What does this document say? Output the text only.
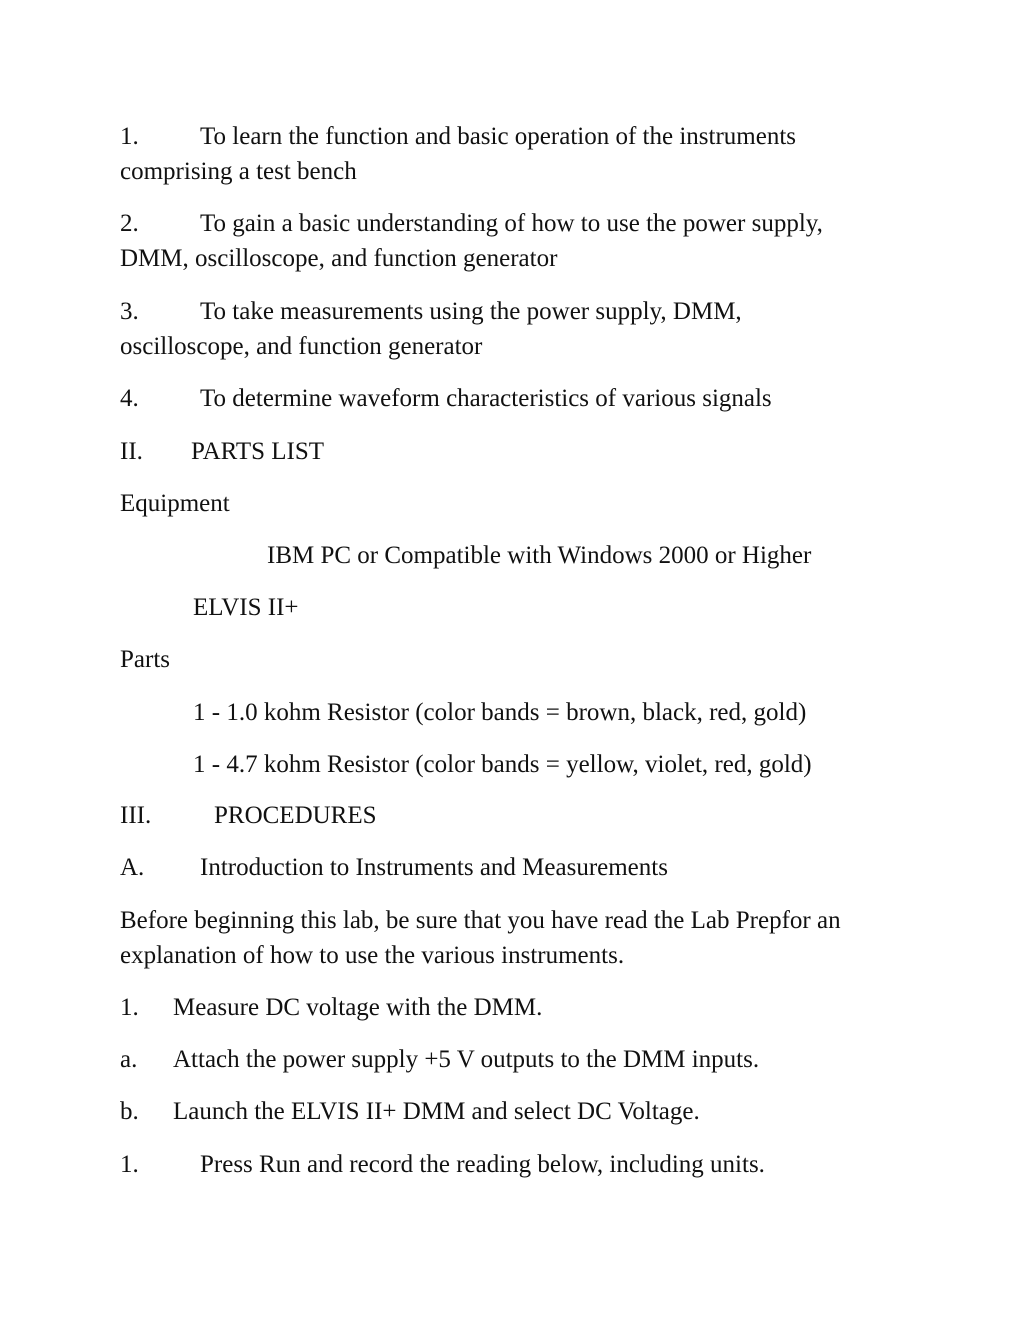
1. To learn the function and basic operation of the instruments
comprising a test bench
2. To gain a basic understanding of how to use the power supply,
DMM, oscilloscope, and function generator
3. To take measurements using the power supply, DMM,
oscilloscope, and function generator
4. To determine waveform characteristics of various signals
II. PARTS LIST
Equipment
IBM PC or Compatible with Windows 2000 or Higher
ELVIS II+
Parts
1 - 1.0 kohm Resistor (color bands = brown, black, red, gold)
1 - 4.7 kohm Resistor (color bands = yellow, violet, red, gold)
III.	PROCEDURES
A. Introduction to Instruments and Measurements
Before beginning this lab, be sure that you have read the Lab Prepfor an
explanation of how to use the various instruments.
1. Measure DC voltage with the DMM.
a. Attach the power supply +5 V outputs to the DMM inputs.
b. Launch the ELVIS II+ DMM and select DC Voltage.
1. Press Run and record the reading below, including units.
